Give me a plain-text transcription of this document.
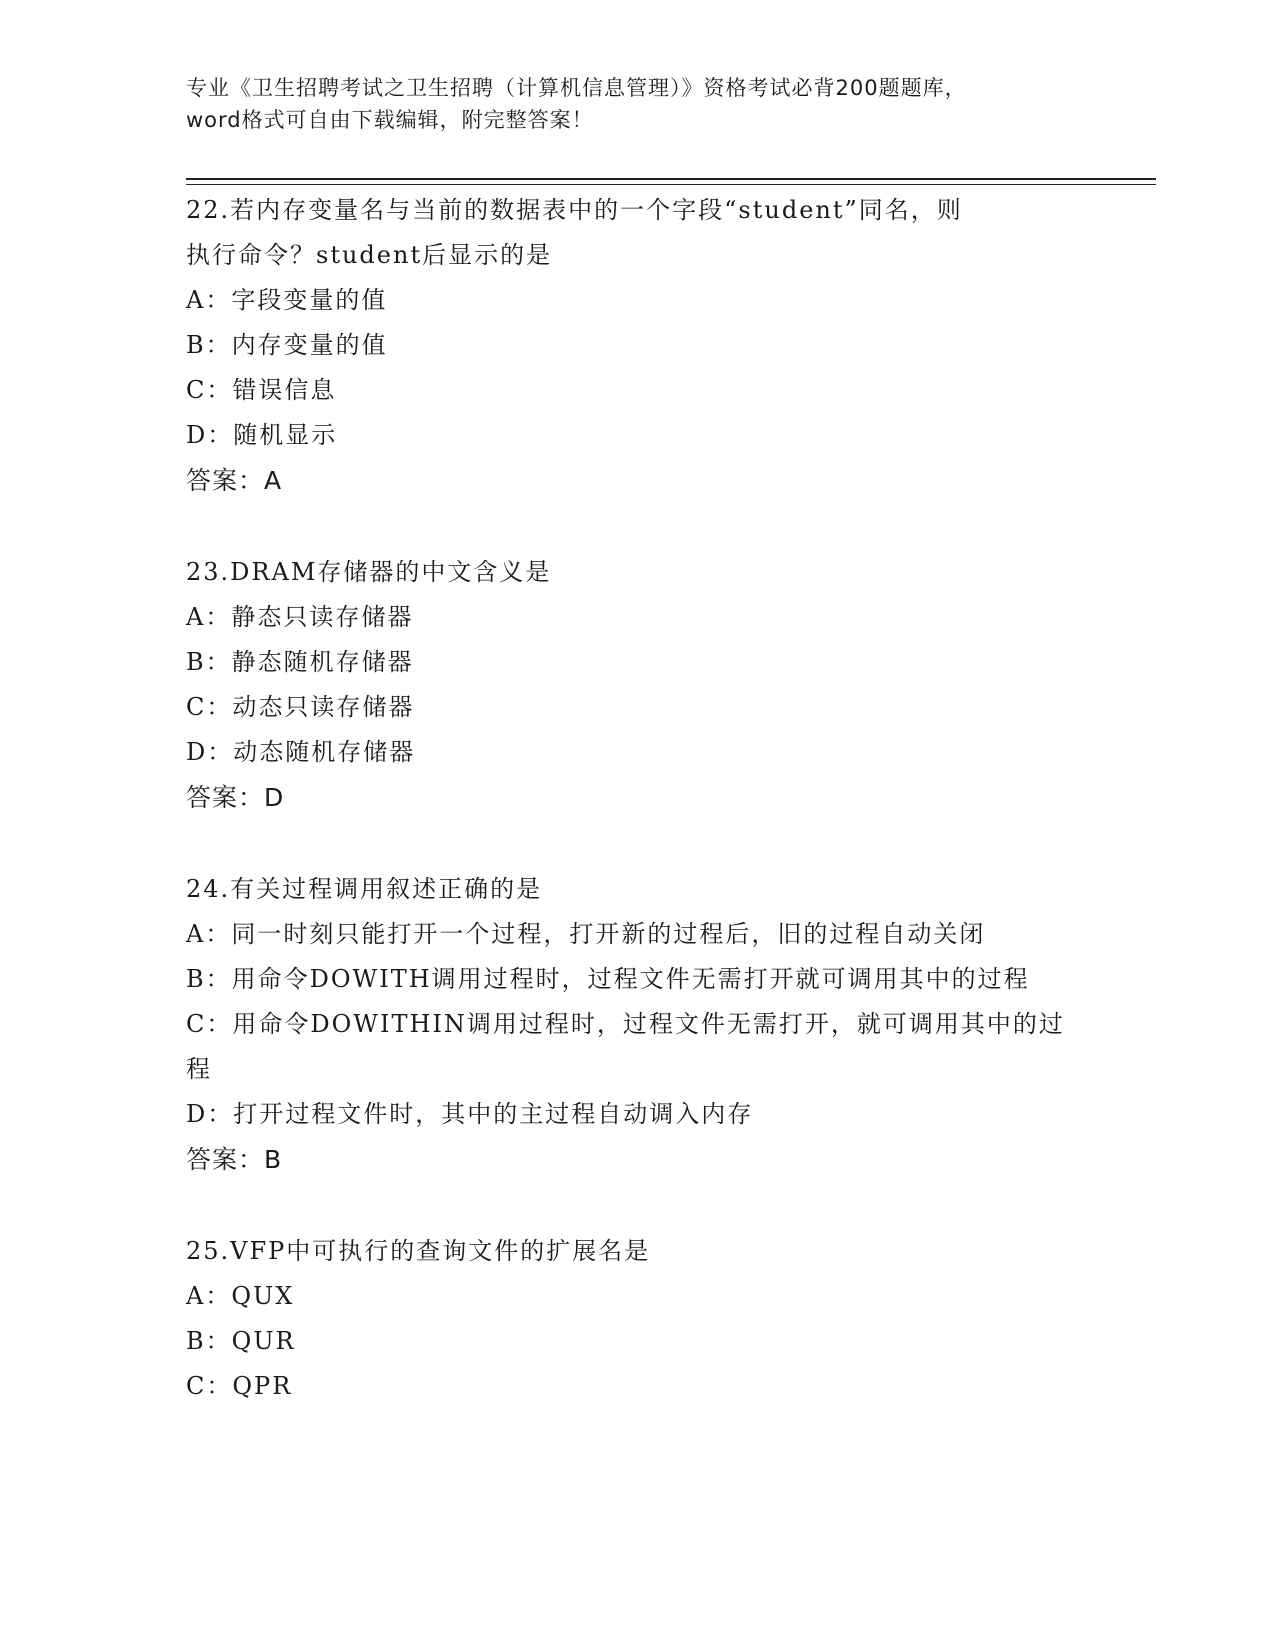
专业《卫生招聘考试之卫生招聘（计算机信息管理）》资格考试必背200题题库，
word格式可自由下载编辑，附完整答案！

22.若内存变量名与当前的数据表中的一个字段“student”同名，则

执行命令？student后显示的是

A：字段变量的值

B：内存变量的值

C：错误信息

D：随机显示

答案：A

23.DRAM存储器的中文含义是

A：静态只读存储器

B：静态随机存储器

C：动态只读存储器

D：动态随机存储器

答案：D

24.有关过程调用叙述正确的是

A：同一时刻只能打开一个过程，打开新的过程后，旧的过程自动关闭

B：用命令DOWITH调用过程时，过程文件无需打开就可调用其中的过程

C：用命令DOWITHIN调用过程时，过程文件无需打开，就可调用其中的过程

D：打开过程文件时，其中的主过程自动调入内存

答案：B

25.VFP中可执行的查询文件的扩展名是

A：QUX

B：QUR

C：QPR
